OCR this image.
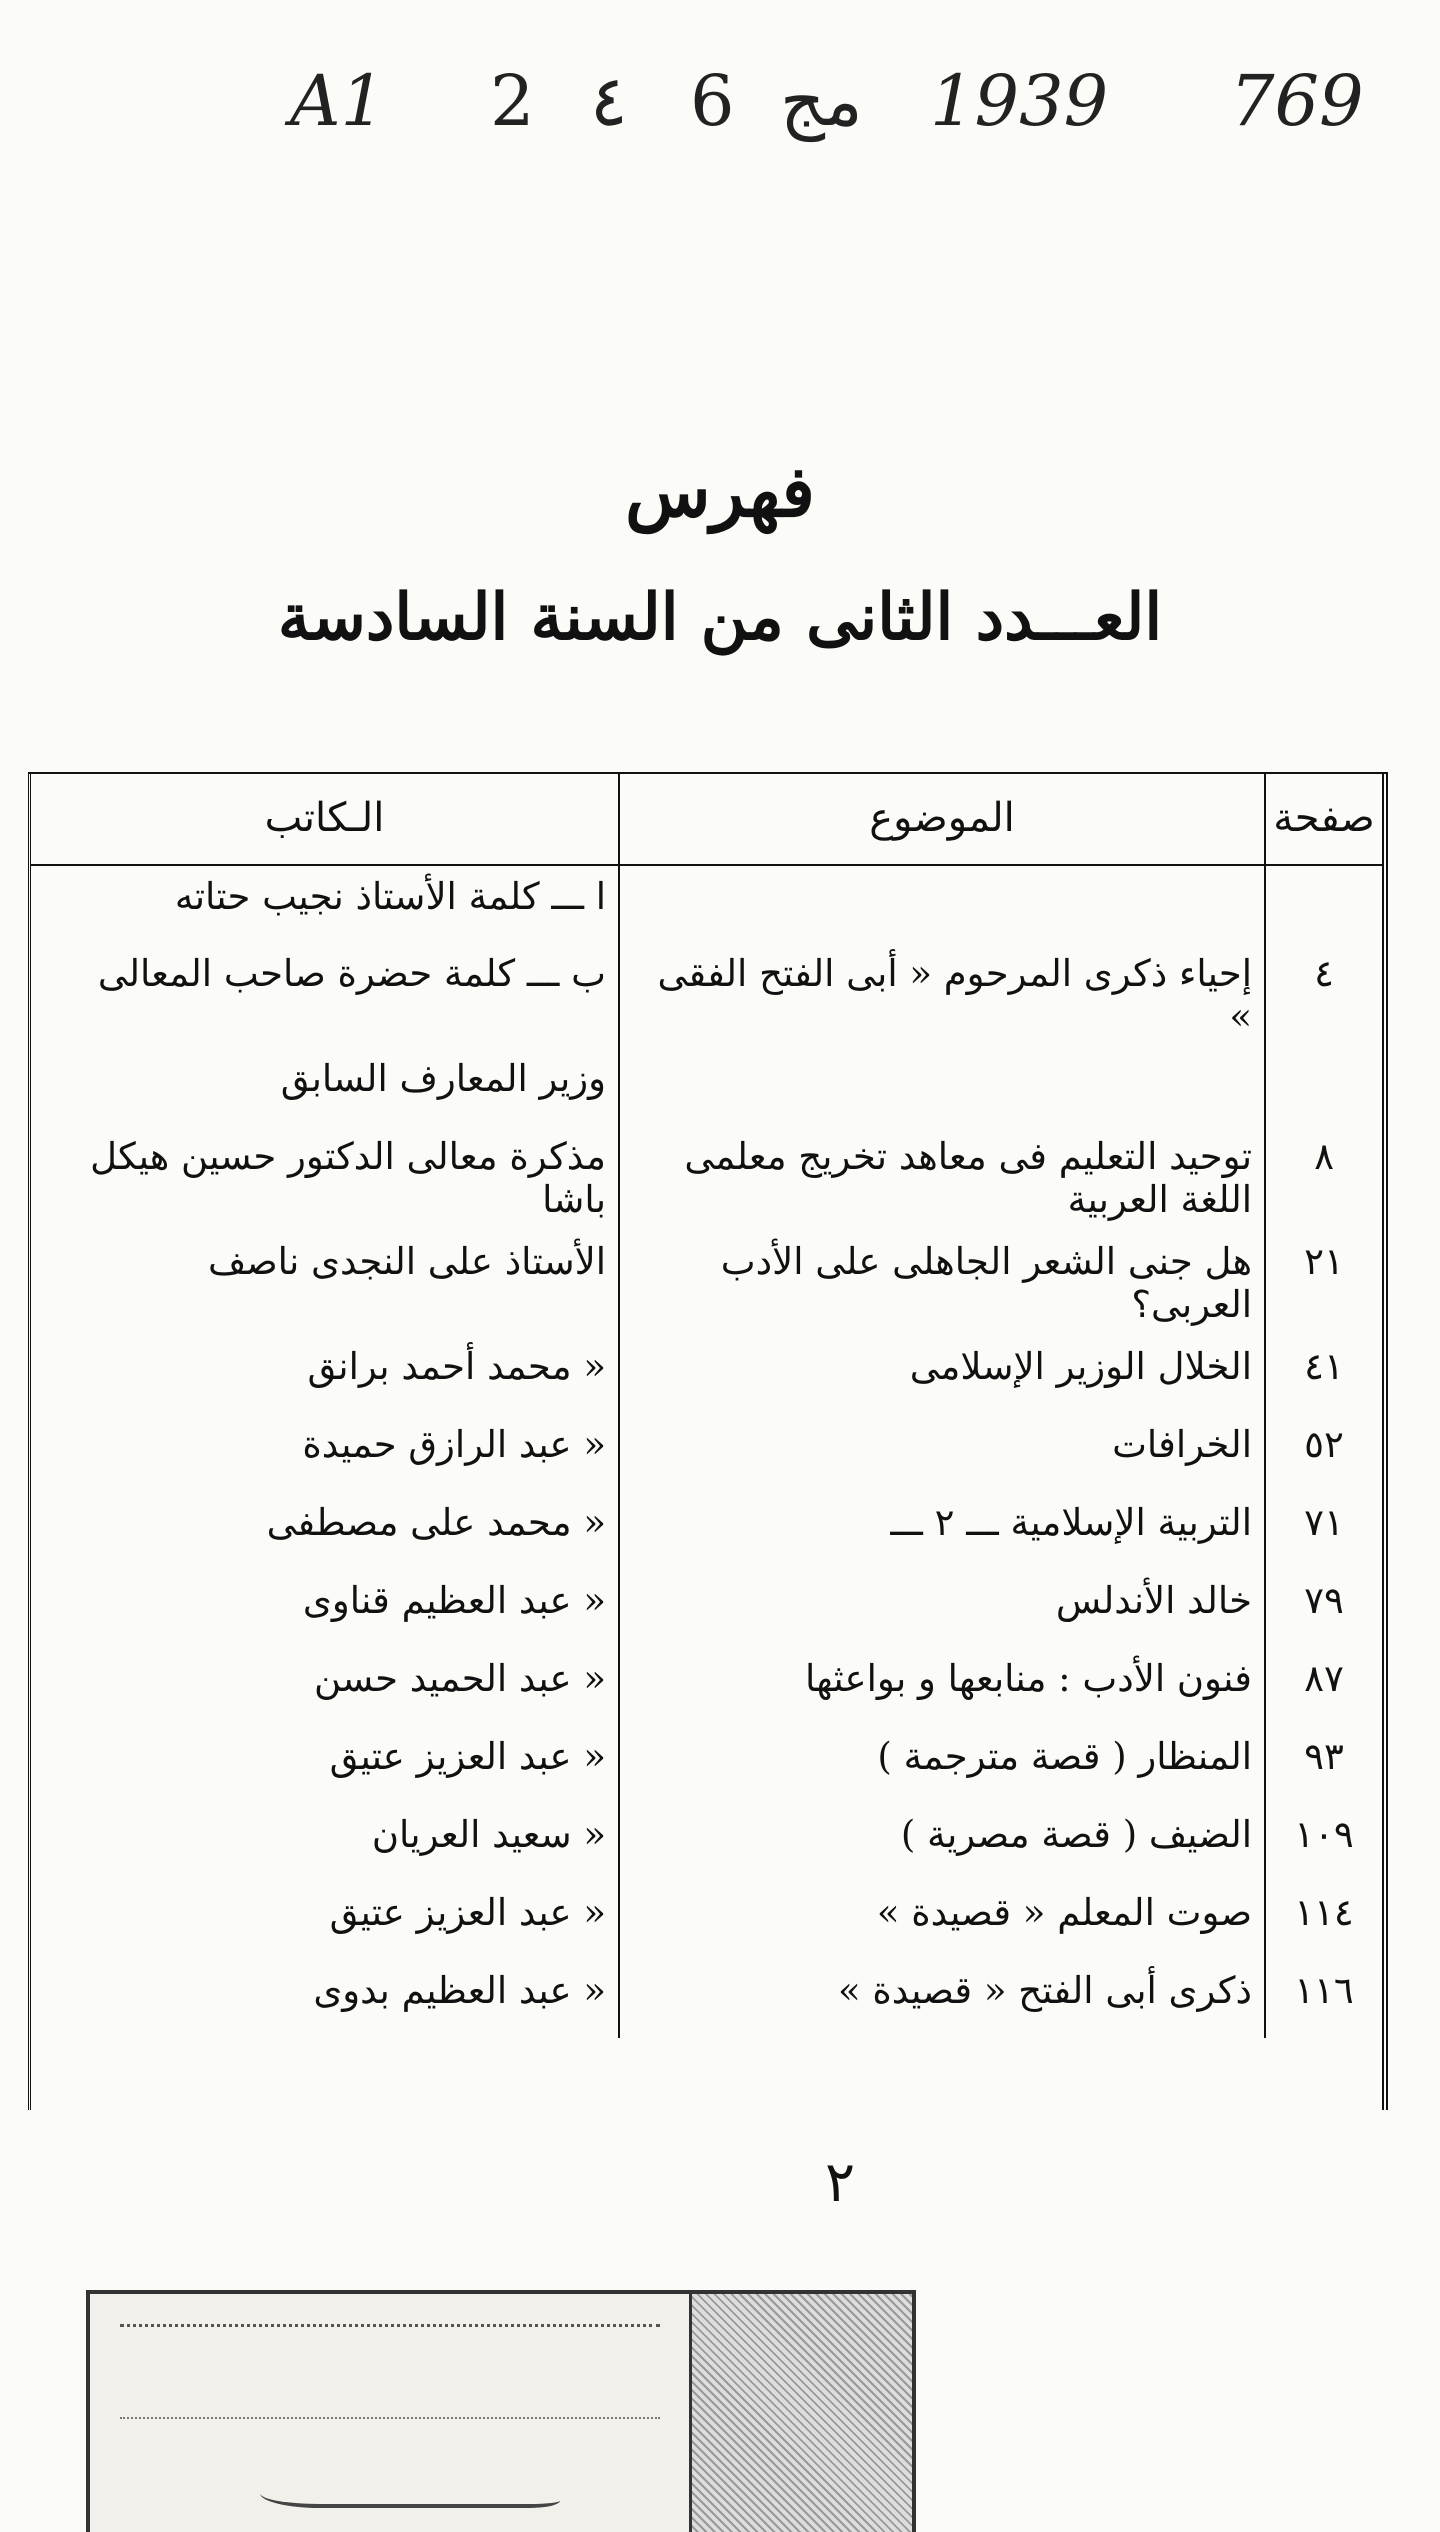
A1 2 ٤ 6 مج 1939 769
فهرس
العـــدد الثانى من السنة السادسة
صفحة	الموضوع	الـكاتب
		ا ـــ كلمة الأستاذ نجيب حتاته
٤	إحياء ذكرى المرحوم « أبى الفتح الفقى »	ب ـــ كلمة حضرة صاحب المعالى
		وزير المعارف السابق
٨	توحيد التعليم فى معاهد تخريج معلمى اللغة العربية	مذكرة معالى الدكتور حسين هيكل باشا
٢١	هل جنى الشعر الجاهلى على الأدب العربى؟	الأستاذ على النجدى ناصف
٤١	الخلال الوزير الإسلامى	« محمد أحمد برانق
٥٢	الخرافات	« عبد الرازق حميدة
٧١	التربية الإسلامية ـــ ٢ ـــ	« محمد على مصطفى
٧٩	خالد الأندلس	« عبد العظيم قناوى
٨٧	فنون الأدب : منابعها و بواعثها	« عبد الحميد حسن
٩٣	المنظار ( قصة مترجمة )	« عبد العزيز عتيق
١٠٩	الضيف ( قصة مصرية )	« سعيد العريان
١١٤	صوت المعلم « قصيدة »	« عبد العزيز عتيق
١١٦	ذكرى أبى الفتح « قصيدة »	« عبد العظيم بدوى
٢
